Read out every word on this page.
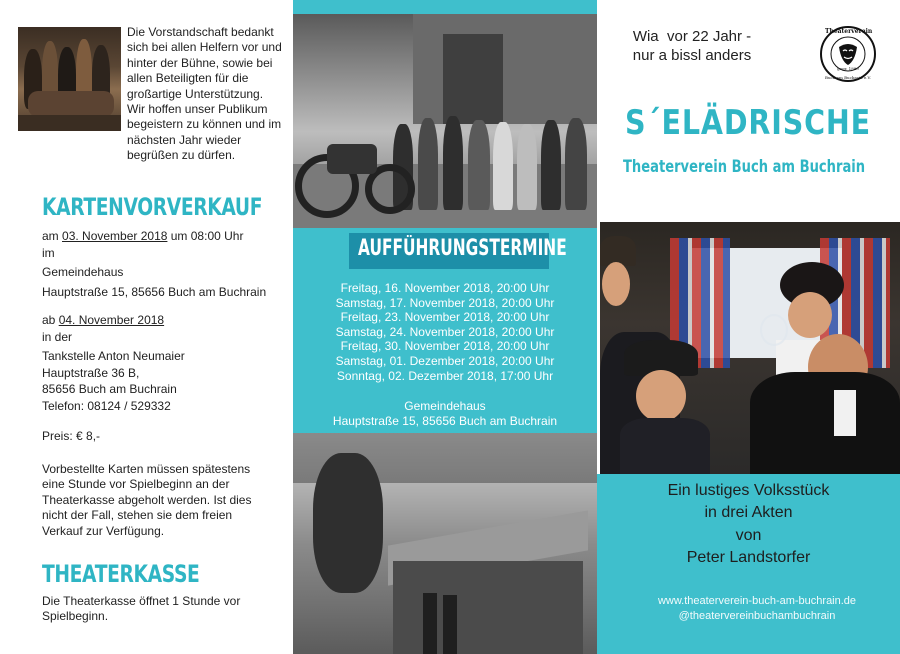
Die Vorstandschaft bedankt
sich bei allen Helfern vor und
hinter der Bühne, sowie bei
allen Beteiligten für die
großartige Unterstützung.
Wir hoffen unser Publikum
begeistern zu können und im
nächsten Jahr wieder
begrüßen zu dürfen.
KARTENVORVERKAUF
am 03. November 2018 um 08:00 Uhr
im
Gemeindehaus
Hauptstraße 15, 85656 Buch am Buchrain
ab 04. November 2018
in der
Tankstelle Anton Neumaier
Hauptstraße 36 B,
85656 Buch am Buchrain
Telefon: 08124 / 529332
Preis: € 8,-
Vorbestellte Karten müssen spätestens
eine Stunde vor Spielbeginn an der
Theaterkasse abgeholt werden. Ist dies
nicht der Fall, stehen sie dem freien
Verkauf zur Verfügung.
THEATERKASSE
Die Theaterkasse öffnet 1 Stunde vor
Spielbeginn.
AUFFÜHRUNGSTERMINE
Freitag, 16. November 2018, 20:00 Uhr
Samstag, 17. November 2018, 20:00 Uhr
Freitag, 23. November 2018, 20:00 Uhr
Samstag, 24. November 2018, 20:00 Uhr
Freitag, 30. November 2018, 20:00 Uhr
Samstag, 01. Dezember 2018, 20:00 Uhr
Sonntag, 02. Dezember 2018, 17:00 Uhr
Gemeindehaus
Hauptstraße 15, 85656 Buch am Buchrain
Wia  vor 22 Jahr -
nur a bissl anders
Theaterverein
gegr. 1880
Buch am Buchrain e.V.
S´ELÄDRISCHE
Theaterverein Buch am Buchrain
Ein lustiges Volksstück
in drei Akten
von
Peter Landstorfer
www.theaterverein-buch-am-buchrain.de
@theatervereinbuchambuchrain
